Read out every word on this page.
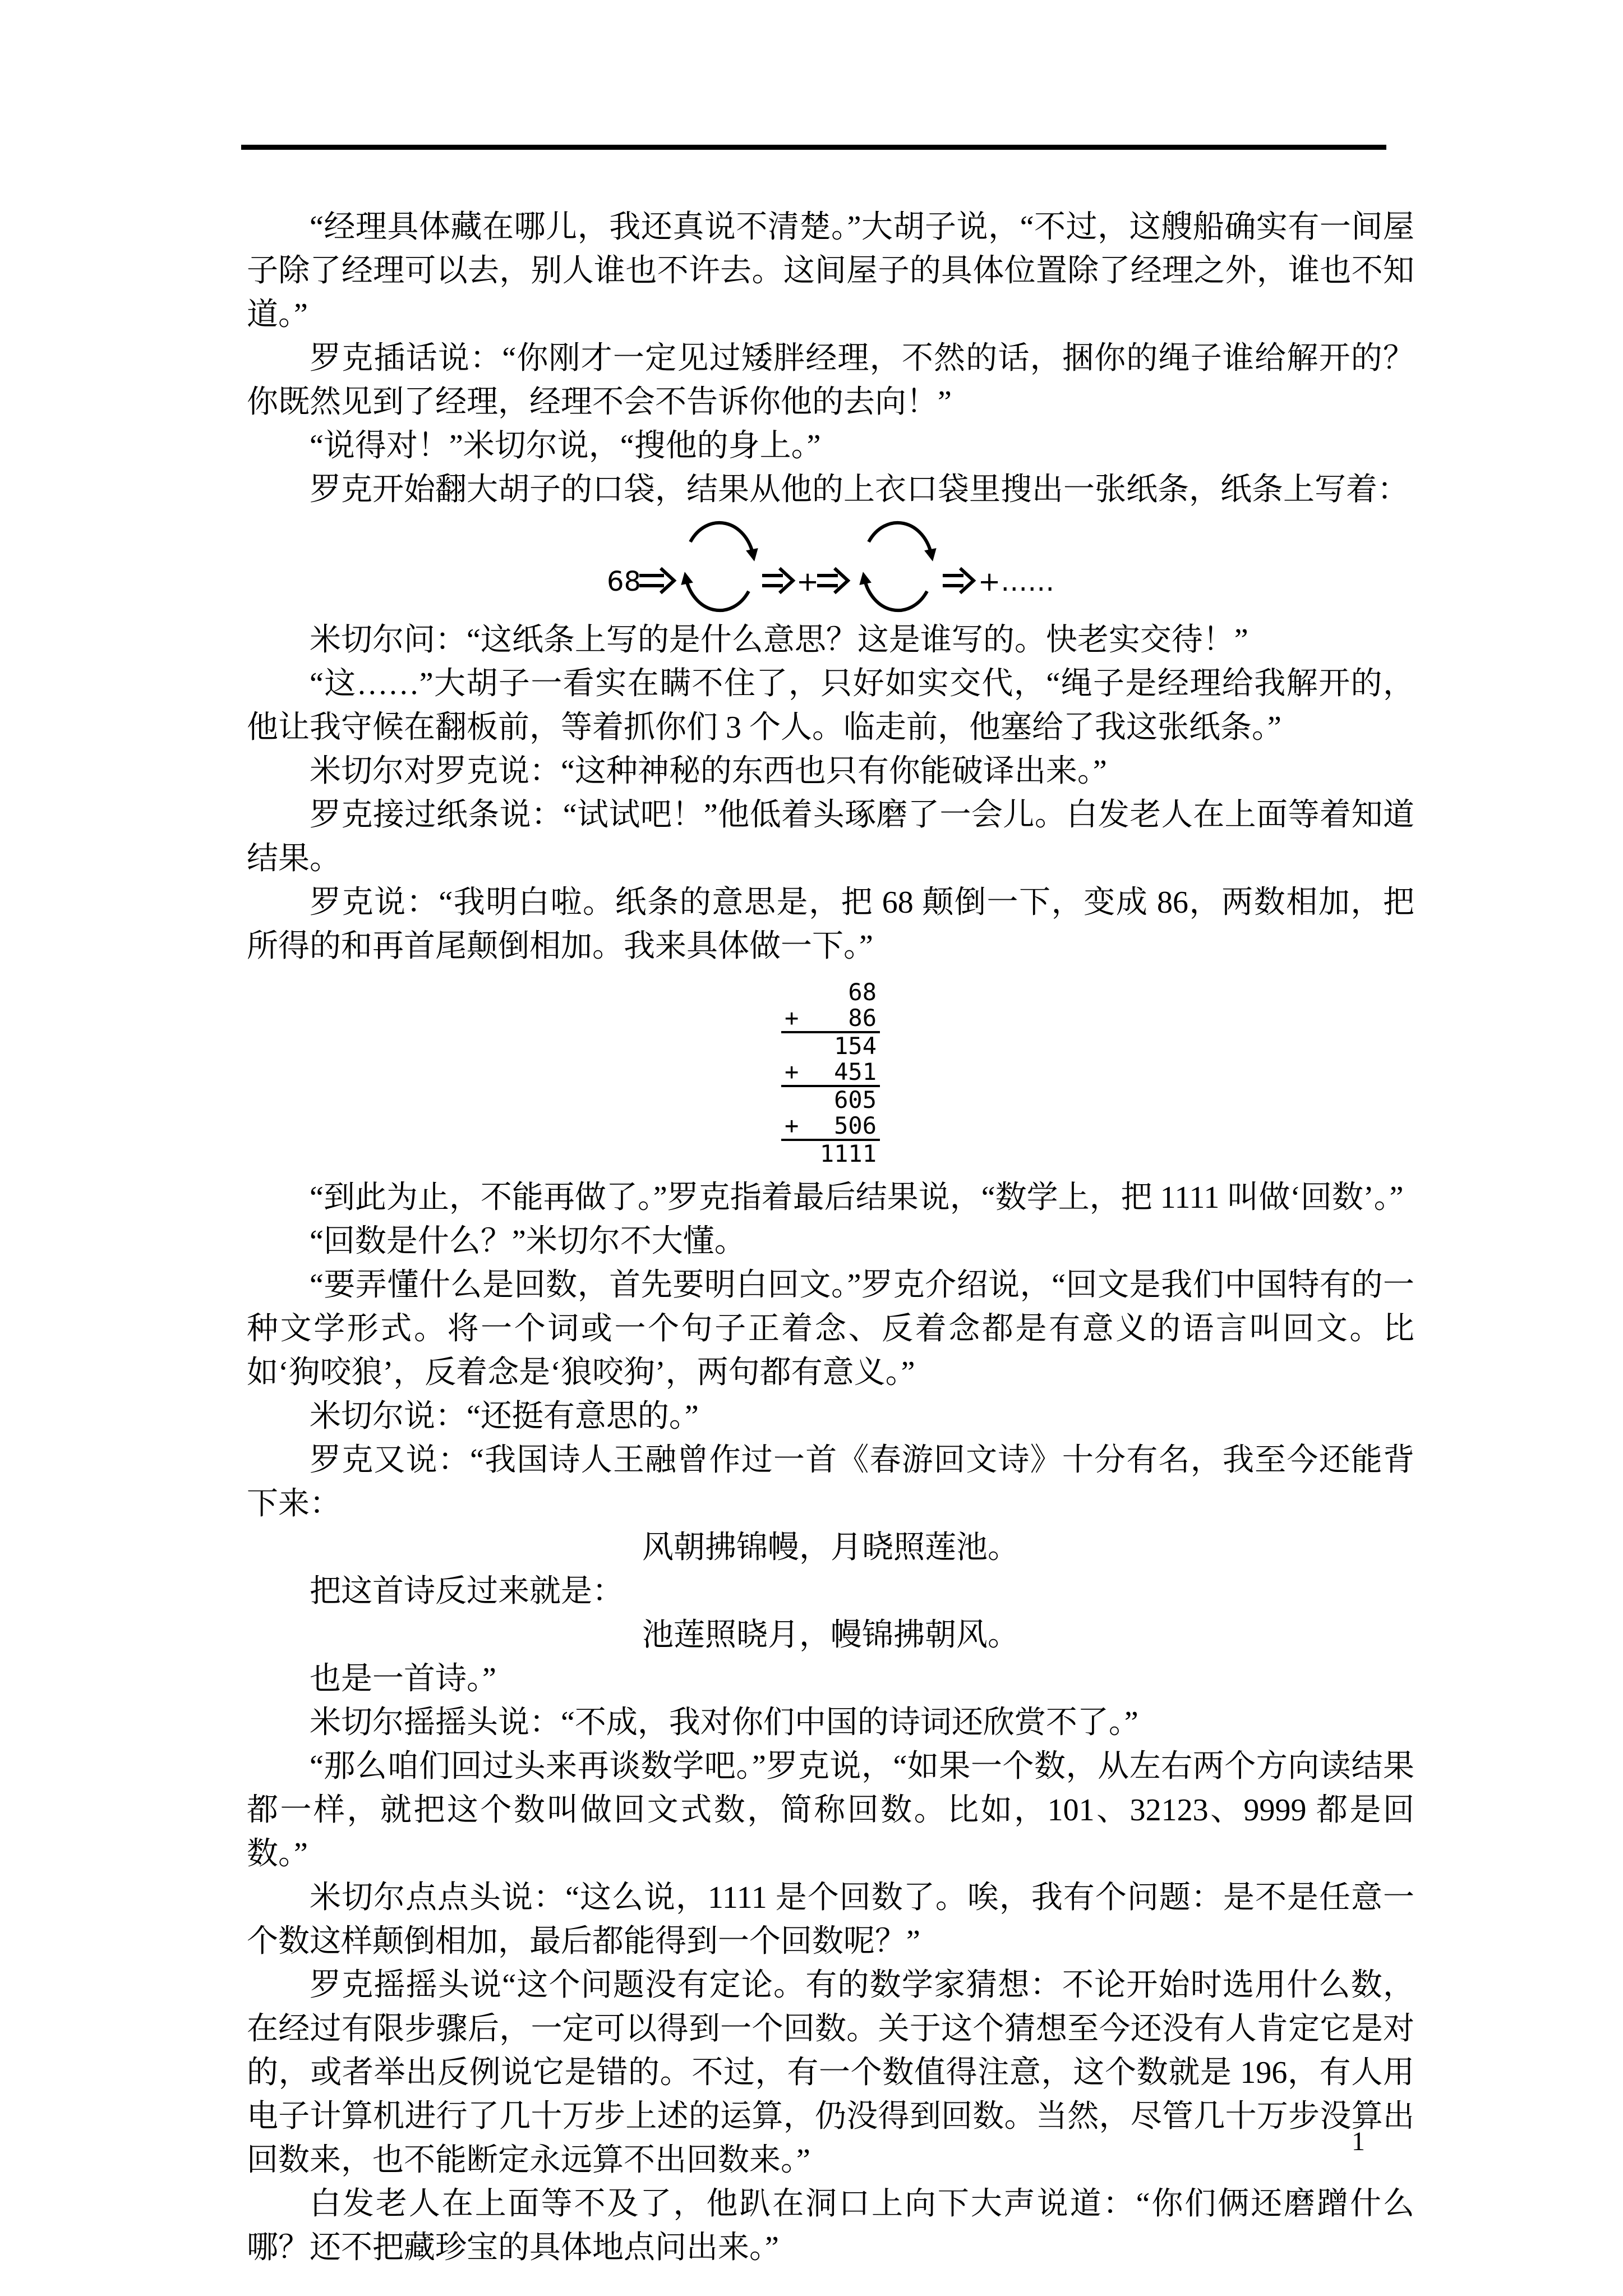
“经理具体藏在哪儿，我还真说不清楚。”大胡子说，“不过，这艘船确实有一间屋子除了经理可以去，别人谁也不许去。这间屋子的具体位置除了经理之外，谁也不知道。”

罗克插话说：“你刚才一定见过矮胖经理，不然的话，捆你的绳子谁给解开的？你既然见到了经理，经理不会不告诉你他的去向！”

“说得对！”米切尔说，“搜他的身上。”

罗克开始翻大胡子的口袋，结果从他的上衣口袋里搜出一张纸条，纸条上写着：

68	+	+……

米切尔问：“这纸条上写的是什么意思？这是谁写的。快老实交待！”

“这……”大胡子一看实在瞒不住了，只好如实交代，“绳子是经理给我解开的，他让我守候在翻板前，等着抓你们 3 个人。临走前，他塞给了我这张纸条。”

米切尔对罗克说：“这种神秘的东西也只有你能破译出来。”

罗克接过纸条说：“试试吧！”他低着头琢磨了一会儿。白发老人在上面等着知道结果。

罗克说：“我明白啦。纸条的意思是，把 68 颠倒一下，变成 86，两数相加，把所得的和再首尾颠倒相加。我来具体做一下。”

68
+	86
154
+	451
605
+	506
1111

“到此为止，不能再做了。”罗克指着最后结果说，“数学上，把 1111 叫做‘回数’。”

“回数是什么？”米切尔不大懂。

“要弄懂什么是回数，首先要明白回文。”罗克介绍说，“回文是我们中国特有的一种文学形式。将一个词或一个句子正着念、反着念都是有意义的语言叫回文。比如‘狗咬狼’，反着念是‘狼咬狗’，两句都有意义。”

米切尔说：“还挺有意思的。”

罗克又说：“我国诗人王融曾作过一首《春游回文诗》十分有名，我至今还能背下来：

风朝拂锦幔，月晓照莲池。

把这首诗反过来就是：

池莲照晓月，幔锦拂朝风。

也是一首诗。”

米切尔摇摇头说：“不成，我对你们中国的诗词还欣赏不了。”

“那么咱们回过头来再谈数学吧。”罗克说，“如果一个数，从左右两个方向读结果都一样，就把这个数叫做回文式数，简称回数。比如，101、32123、9999 都是回数。”

米切尔点点头说：“这么说，1111 是个回数了。唉，我有个问题：是不是任意一个数这样颠倒相加，最后都能得到一个回数呢？”

罗克摇摇头说“这个问题没有定论。有的数学家猜想：不论开始时选用什么数，在经过有限步骤后，一定可以得到一个回数。关于这个猜想至今还没有人肯定它是对的，或者举出反例说它是错的。不过，有一个数值得注意，这个数就是 196，有人用电子计算机进行了几十万步上述的运算，仍没得到回数。当然，尽管几十万步没算出回数来，也不能断定永远算不出回数来。”

白发老人在上面等不及了，他趴在洞口上向下大声说道：“你们俩还磨蹭什么哪？还不把藏珍宝的具体地点问出来。”

1
